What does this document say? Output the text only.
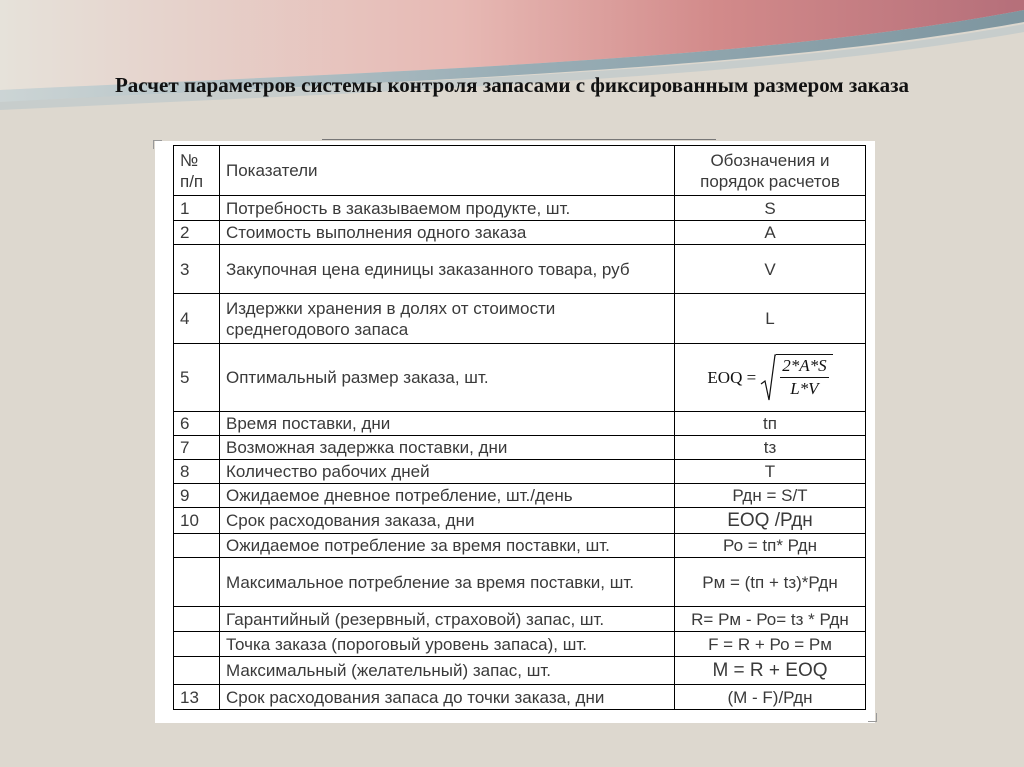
Расчет параметров системы контроля запасами с фиксированным размером заказа
№ п/п	Показатели	Обозначения и порядок расчетов
1	Потребность в заказываемом продукте, шт.	S
2	Стоимость выполнения одного заказа	A
3	Закупочная цена единицы заказанного товара, руб	V
4	Издержки хранения в долях от стоимости среднегодового запаса	L
5	Оптимальный размер заказа, шт.	EOQ = $\frac{2*A*S}{L*V}$

6	Время поставки, дни	tп
7	Возможная задержка поставки, дни	tз
8	Количество рабочих дней	T
9	Ожидаемое дневное потребление, шт./день	Рдн = S/T
10	Срок расходования заказа, дни	EOQ /Рдн
	Ожидаемое потребление за время поставки, шт.	Ро = tп* Рдн
	Максимальное потребление за время поставки, шт.	Рм = (tп + tз)*Рдн
	Гарантийный (резервный, страховой) запас, шт.	R= Рм - Ро= tз * Рдн
	Точка заказа (пороговый уровень запаса), шт.	F = R + Ро = Рм
	Максимальный (желательный) запас, шт.	M = R + EOQ
13	Срок расходования запаса до точки заказа, дни	(M - F)/Рдн
